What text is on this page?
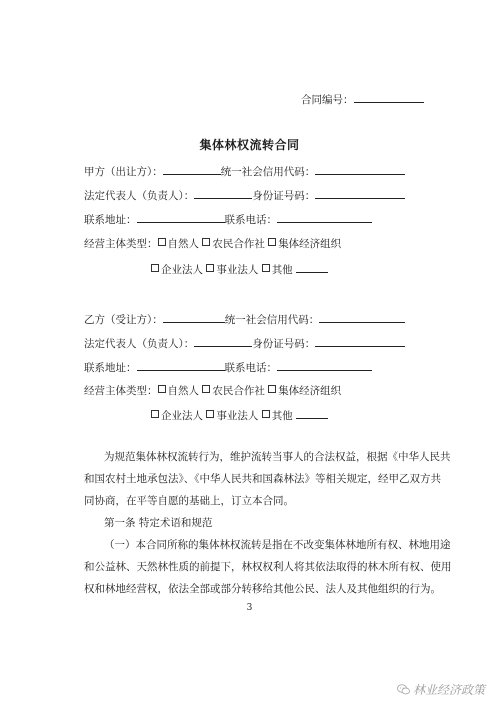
合同编号：
集体林权流转合同
甲方（出让方）：	统一社会信用代码：
法定代表人（负责人）：	身份证号码：
联系地址：	联系电话：
经营主体类型： 自然人 农民合作社 集体经济组织
企业法人 事业法人 其他
乙方（受让方）：	统一社会信用代码：
法定代表人（负责人）：	身份证号码：
联系地址：	联系电话：
经营主体类型： 自然人 农民合作社 集体经济组织
企业法人 事业法人 其他
为规范集体林权流转行为，维护流转当事人的合法权益，根据《中华人民共
和国农村土地承包法》、《中华人民共和国森林法》等相关规定，经甲乙双方共
同协商，在平等自愿的基础上，订立本合同。
第一条 特定术语和规范
（一）本合同所称的集体林权流转是指在不改变集体林地所有权、林地用途
和公益林、天然林性质的前提下，林权权利人将其依法取得的林木所有权、使用
权和林地经营权，依法全部或部分转移给其他公民、法人及其他组织的行为。
3
林业经济政策
